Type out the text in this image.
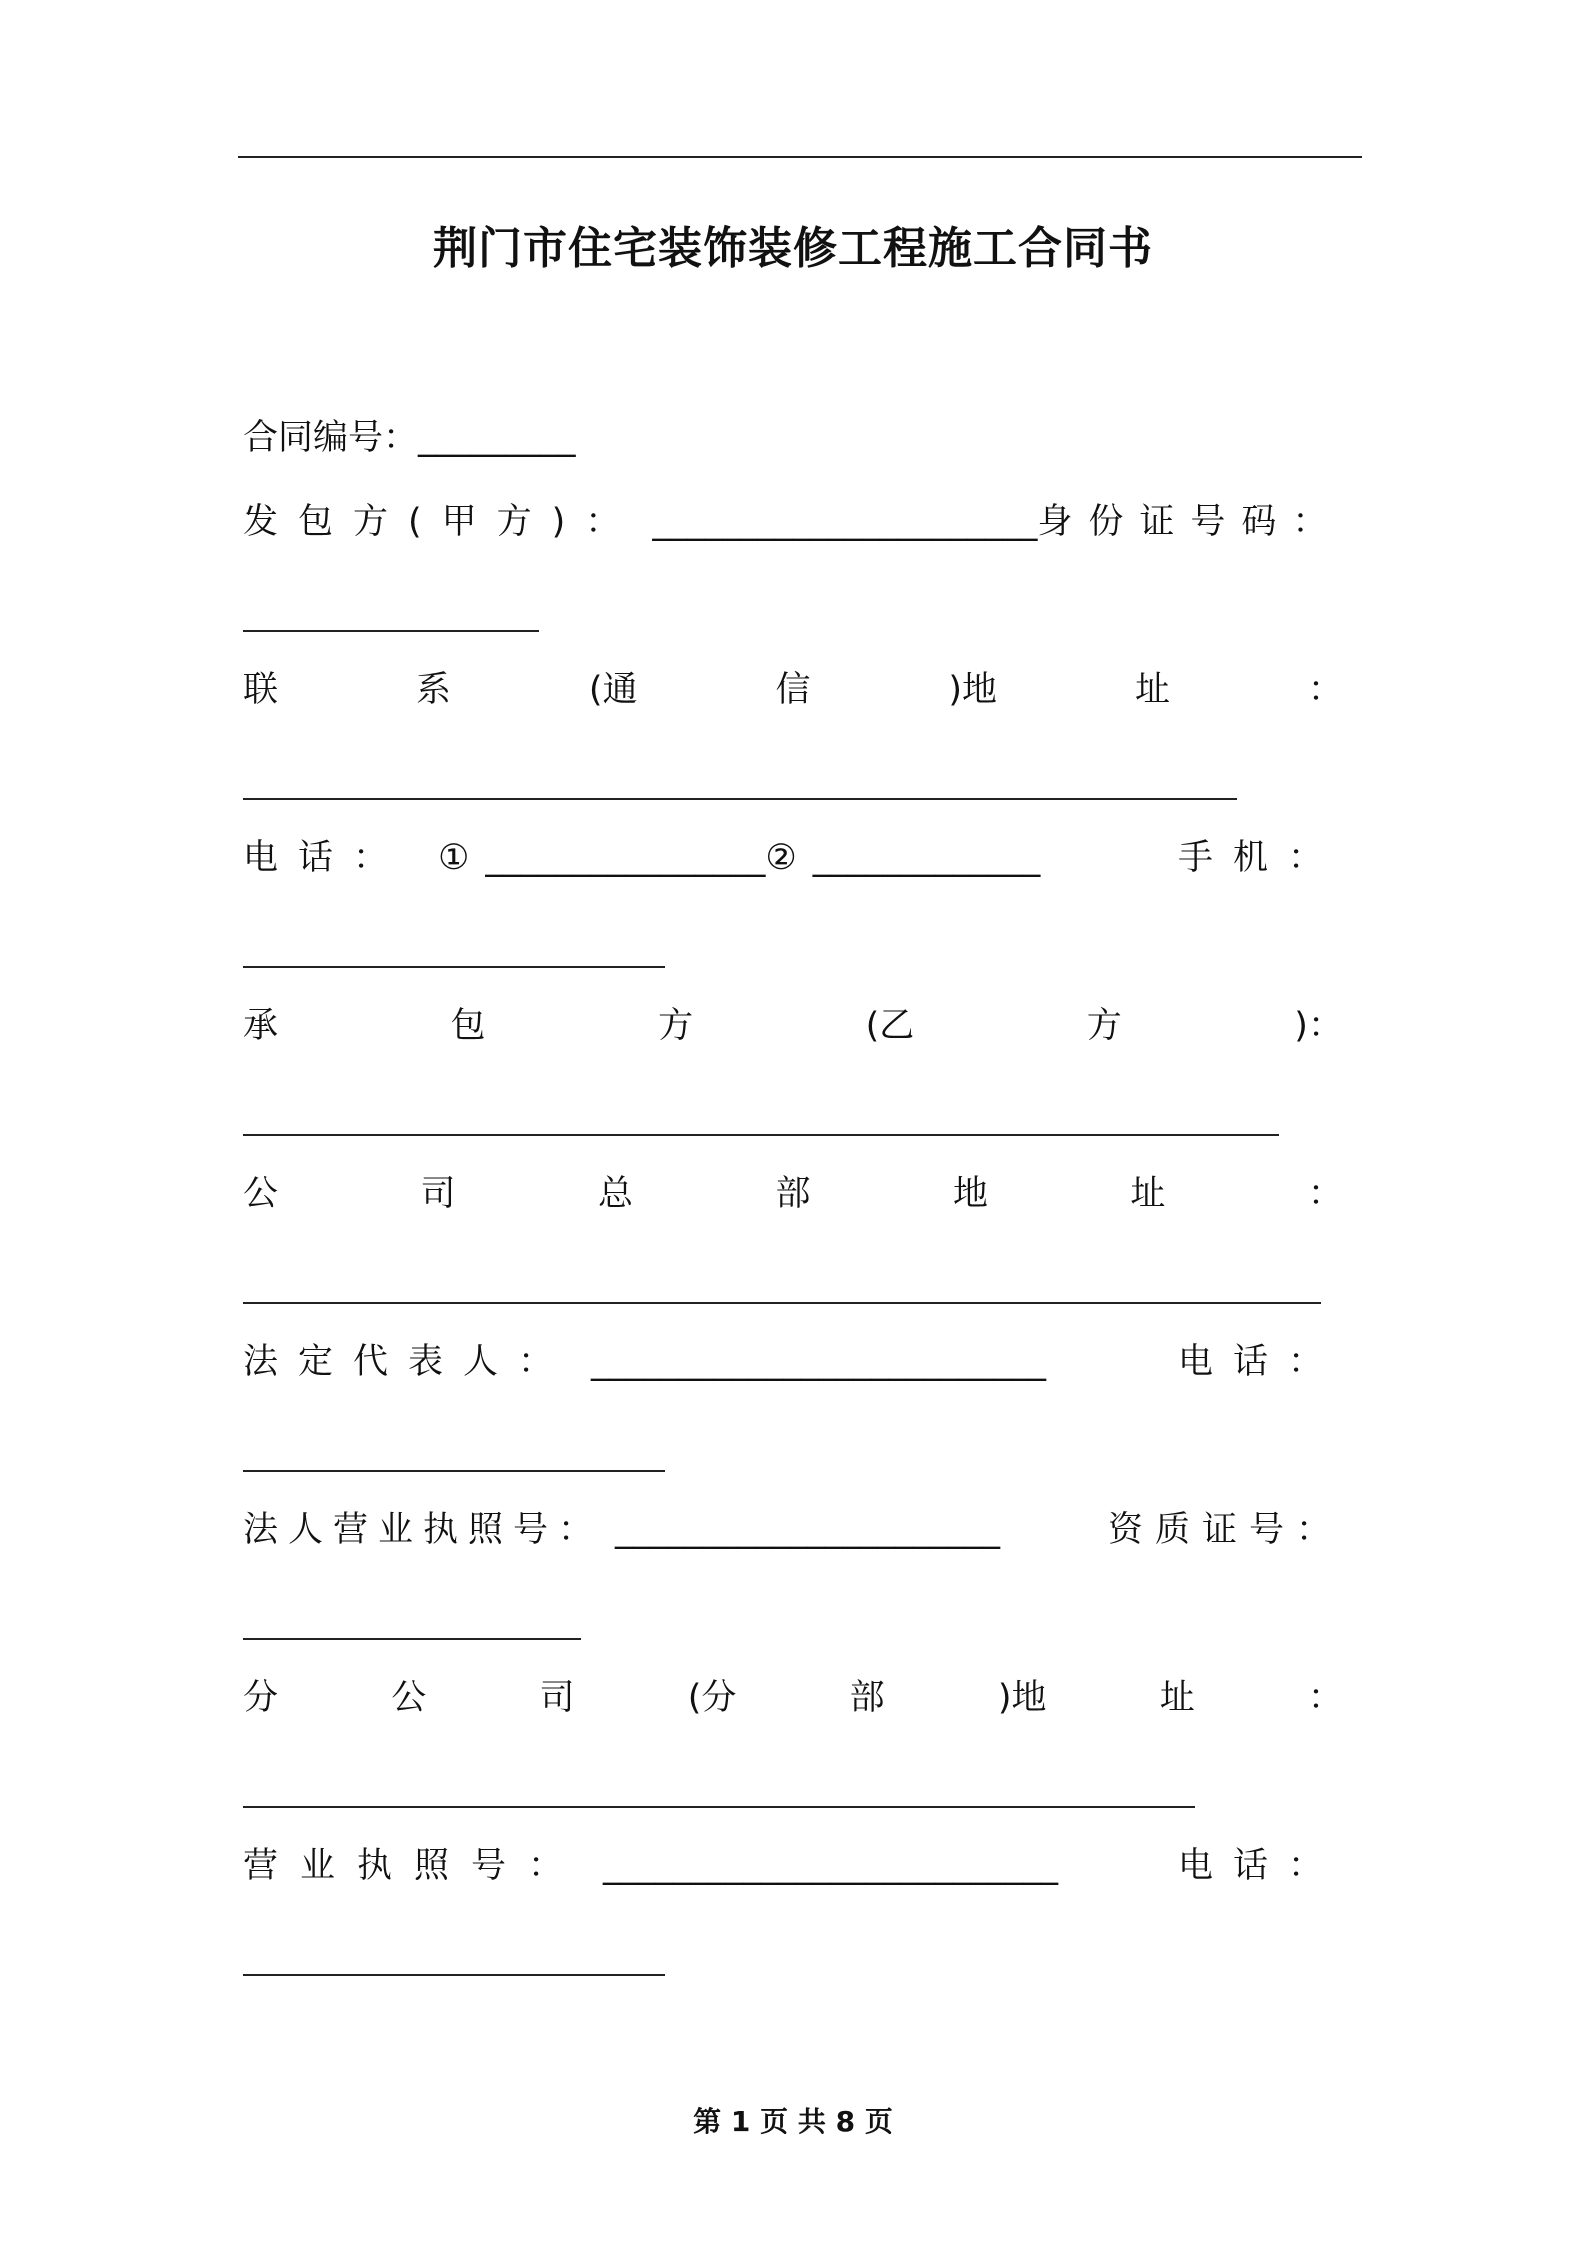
荆门市住宅装饰装修工程施工合同书
合同编号：_________
发包方(甲方)： ______________________ 身份证号码：
联	系	(通	信	)地	址	：
电话： ① ________________ ② _____________	手机：
承	包	方	(乙	方	)：
公	司	总	部	地	址	：
法定代表人： __________________________	电话：
法人营业执照号： ______________________	资质证号：
分	公	司	(分	部	)地	址	：
营业执照号： __________________________	电话：
第 1 页 共 8 页
